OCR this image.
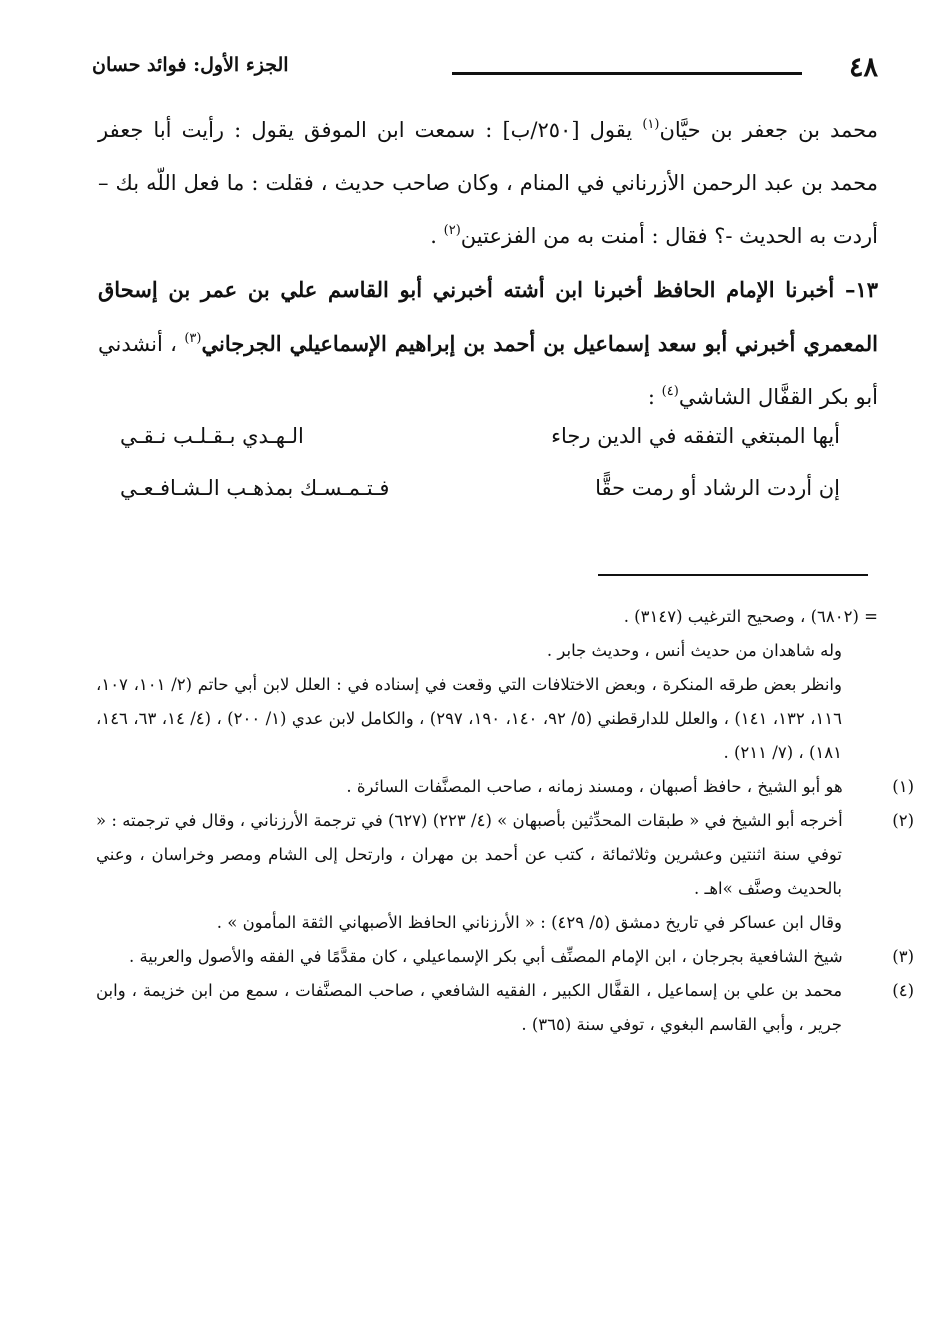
٤٨
الجزء الأول: فوائد حسان

محمد بن جعفر بن حيَّان$^{(١)}$ يقول [٢٥٠/ب] : سمعت ابن الموفق يقول : رأيت أبا جعفر محمد بن عبد الرحمن الأزرناني في المنام ، وكان صاحب حديث ، فقلت : ما فعل اللّه بك – أردت به الحديث -؟ فقال : أمنت به من الفزعتين$^{(٢)}$ .

١٣– أخبرنا الإمام الحافظ أخبرنا ابن أشته أخبرني أبو القاسم علي بن عمر بن إسحاق المعمري أخبرني أبو سعد إسماعيل بن أحمد بن إبراهيم الإسماعيلي الجرجاني$^{(٣)}$ ، أنشدني أبو بكر القفَّال الشاشي$^{(٤)}$ :

أيها المبتغي التفقه في الدين رجاء
الـهـدي بـقـلـب نـقـي
إن أردت الرشاد أو رمت حقًّا
فـتـمـسـك بمذهـب الـشـافـعـي

= (٦٨٠٢) ، وصحيح الترغيب (٣١٤٧) .

وله شاهدان من حديث أنس ، وحديث جابر .

وانظر بعض طرقه المنكرة ، وبعض الاختلافات التي وقعت في إسناده في : العلل لابن أبي حاتم (٢/ ١٠١، ١٠٧، ١١٦، ١٣٢، ١٤١) ، والعلل للدارقطني (٥/ ٩٢، ١٤٠، ١٩٠، ٢٩٧) ، والكامل لابن عدي (١/ ٢٠٠) ، (٤/ ١٤، ٦٣، ١٤٦، ١٨١) ، (٧/ ٢١١) .

(١) هو أبو الشيخ ، حافظ أصبهان ، ومسند زمانه ، صاحب المصنَّفات السائرة .

(٢) أخرجه أبو الشيخ في « طبقات المحدِّثين بأصبهان » (٤/ ٢٢٣) (٦٢٧) في ترجمة الأرزناني ، وقال في ترجمته : « توفي سنة اثنتين وعشرين وثلاثمائة ، كتب عن أحمد بن مهران ، وارتحل إلى الشام ومصر وخراسان ، وعني بالحديث وصنَّف »اهـ .

وقال ابن عساكر في تاريخ دمشق (٥/ ٤٢٩) : « الأرزناني الحافظ الأصبهاني الثقة المأمون » .

(٣) شيخ الشافعية بجرجان ، ابن الإمام المصنِّف أبي بكر الإسماعيلي ، كان مقدَّمًا في الفقه والأصول والعربية .

(٤) محمد بن علي بن إسماعيل ، القفَّال الكبير ، الفقيه الشافعي ، صاحب المصنَّفات ، سمع من ابن خزيمة ، وابن جرير ، وأبي القاسم البغوي ، توفي سنة (٣٦٥) .
